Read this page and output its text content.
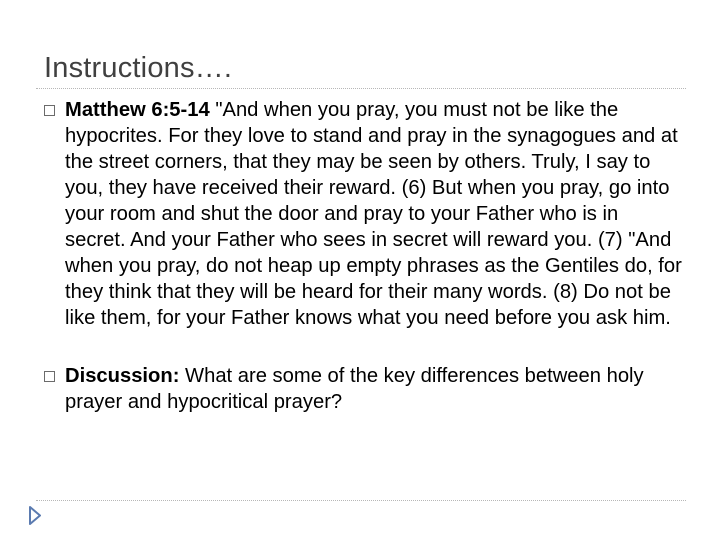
Instructions….
Matthew 6:5-14 "And when you pray, you must not be like the hypocrites. For they love to stand and pray in the synagogues and at the street corners, that they may be seen by others. Truly, I say to you, they have received their reward. (6) But when you pray, go into your room and shut the door and pray to your Father who is in secret. And your Father who sees in secret will reward you. (7) "And when you pray, do not heap up empty phrases as the Gentiles do, for they think that they will be heard for their many words. (8) Do not be like them, for your Father knows what you need before you ask him.
Discussion: What are some of the key differences between holy prayer and hypocritical prayer?
